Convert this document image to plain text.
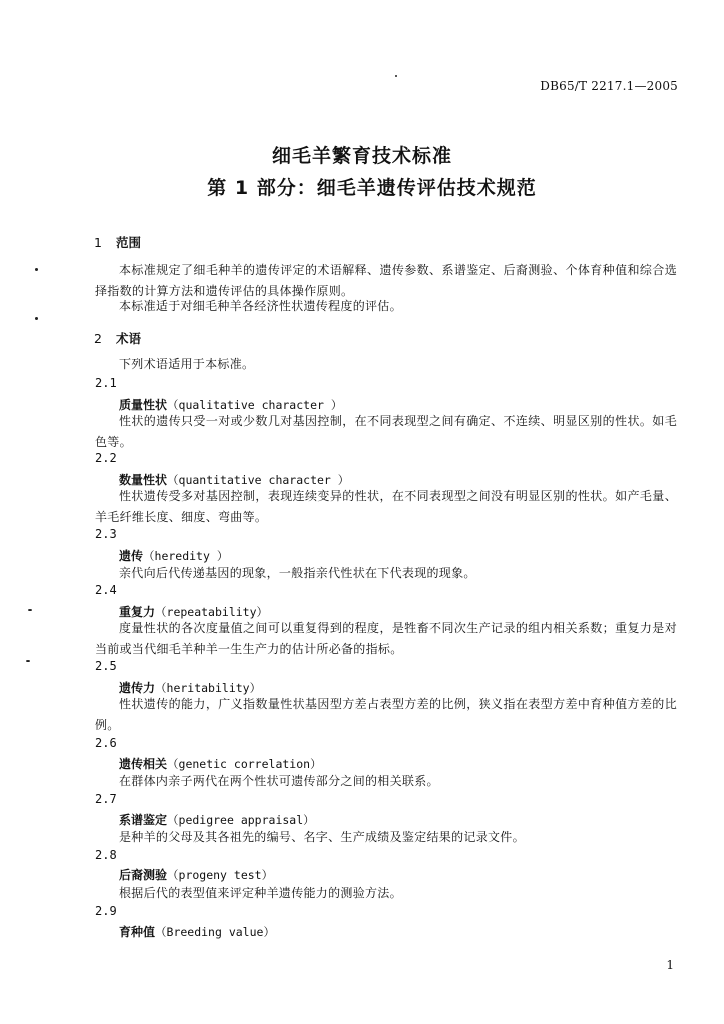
DB65/T 2217.1—2005
细毛羊繁育技术标准
第 1 部分：细毛羊遗传评估技术规范
1 范围
本标准规定了细毛种羊的遗传评定的术语解释、遗传参数、系谱鉴定、后裔测验、个体育种值和综合选择指数的计算方法和遗传评估的具体操作原则。
本标准适于对细毛种羊各经济性状遗传程度的评估。
2 术语
下列术语适用于本标准。
2.1
质量性状（qualitative character ）
性状的遗传只受一对或少数几对基因控制，在不同表现型之间有确定、不连续、明显区别的性状。如毛色等。
2.2
数量性状（quantitative character ）
性状遗传受多对基因控制，表现连续变异的性状，在不同表现型之间没有明显区别的性状。如产毛量、羊毛纤维长度、细度、弯曲等。
2.3
遗传（heredity ）
亲代向后代传递基因的现象，一般指亲代性状在下代表现的现象。
2.4
重复力（repeatability）
度量性状的各次度量值之间可以重复得到的程度，是牲畜不同次生产记录的组内相关系数；重复力是对当前或当代细毛羊种羊一生生产力的估计所必备的指标。
2.5
遗传力（heritability）
性状遗传的能力，广义指数量性状基因型方差占表型方差的比例，狭义指在表型方差中育种值方差的比例。
2.6
遗传相关（genetic correlation）
在群体内亲子两代在两个性状可遗传部分之间的相关联系。
2.7
系谱鉴定（pedigree appraisal）
是种羊的父母及其各祖先的编号、名字、生产成绩及鉴定结果的记录文件。
2.8
后裔测验（progeny test）
根据后代的表型值来评定种羊遗传能力的测验方法。
2.9
育种值（Breeding value）
1
